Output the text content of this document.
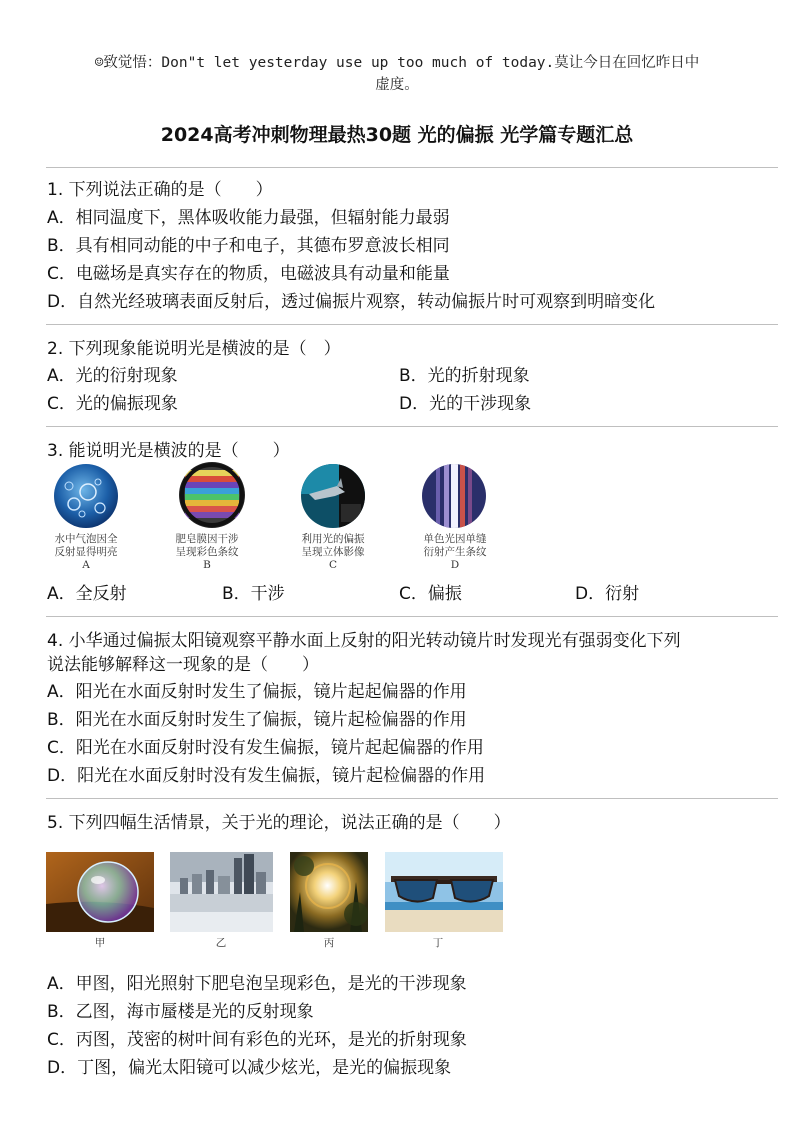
☺致觉悟：Don"t let yesterday use up too much of today.莫让今日在回忆昨日中
虚度。
2024高考冲刺物理最热30题 光的偏振 光学篇专题汇总
1. 下列说法正确的是（　　）
A．相同温度下，黑体吸收能力最强，但辐射能力最弱
B．具有相同动能的中子和电子，其德布罗意波长相同
C．电磁场是真实存在的物质，电磁波具有动量和能量
D．自然光经玻璃表面反射后，透过偏振片观察，转动偏振片时可观察到明暗变化
2. 下列现象能说明光是横波的是（　）
A．光的衍射现象	B．光的折射现象
C．光的偏振现象	D．光的干涉现象
3. 能说明光是横波的是（　　）
水中气泡因全
反射显得明亮
A
肥皂膜因干涉
呈现彩色条纹
B
利用光的偏振
呈现立体影像
C
单色光因单缝
衍射产生条纹
D
A．全反射	B．干涉	C．偏振	D．衍射
4. 小华通过偏振太阳镜观察平静水面上反射的阳光转动镜片时发现光有强弱变化下列
说法能够解释这一现象的是（　　）
A．阳光在水面反射时发生了偏振，镜片起起偏器的作用
B．阳光在水面反射时发生了偏振，镜片起检偏器的作用
C．阳光在水面反射时没有发生偏振，镜片起起偏器的作用
D．阳光在水面反射时没有发生偏振，镜片起检偏器的作用
5. 下列四幅生活情景，关于光的理论，说法正确的是（　　）
甲	乙	丙	丁
A．甲图，阳光照射下肥皂泡呈现彩色，是光的干涉现象
B．乙图，海市蜃楼是光的反射现象
C．丙图，茂密的树叶间有彩色的光环，是光的折射现象
D．丁图，偏光太阳镜可以减少炫光，是光的偏振现象
